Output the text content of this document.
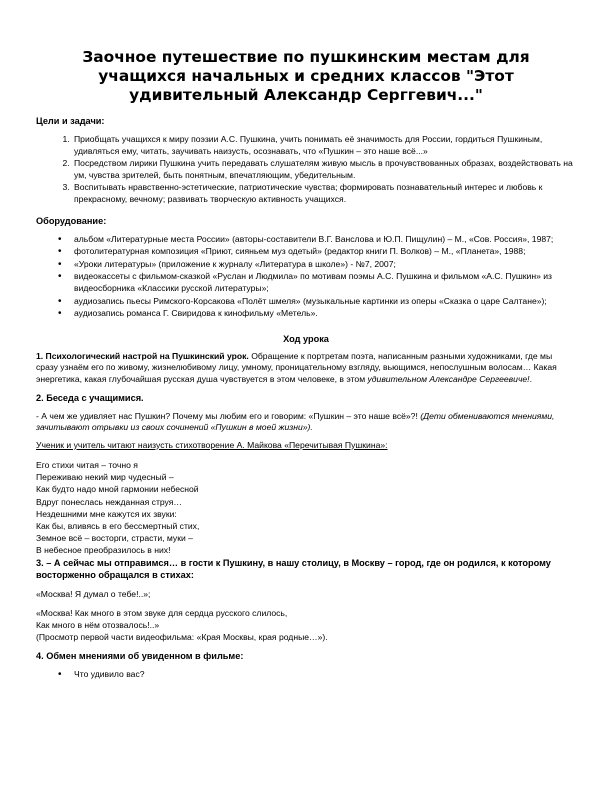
Заочное путешествие по пушкинским местам для учащихся начальных и средних классов "Этот удивительный Александр Серггевич..."
Цели и задачи:
1. Приобщать учащихся к миру поэзии А.С. Пушкина, учить понимать её значимость для России, гордиться Пушкиным, удивляться ему, читать, заучивать наизусть, осознавать, что «Пушкин – это наше всё...»
2. Посредством лирики Пушкина учить передавать слушателям живую мысль в прочувствованных образах, воздействовать на ум, чувства зрителей, быть понятным, впечатляющим, убедительным.
3. Воспитывать нравственно-эстетические, патриотические чувства; формировать познавательный интерес и любовь к прекрасному, вечному; развивать творческую активность учащихся.
Оборудование:
• альбом «Литературные места России» (авторы-составители В.Г. Вансловa и Ю.П. Пищулин) – М., «Сов. Россия», 1987;
• фотолитературная композиция «Приют, сияньем муз одетый» (редактор книги П. Волков) – М., «Планета», 1988;
• «Уроки литературы» (приложение к журналу «Литература в школе») - №7, 2007;
• видеокассеты с фильмом-сказкой «Руслан и Людмила» по мотивам поэмы А.С. Пушкина и фильмом «А.С. Пушкин» из видеосборника «Классики русской литературы»;
• аудиозапись пьесы Римского-Корсакова «Полёт шмеля» (музыкальные картинки из оперы «Сказка о царе Салтане»);
• аудиозапись романса Г. Свиридова к кинофильму «Метель».
Ход урока

1. Психологический настрой на Пушкинский урок. Обращение к портретам поэта, написанным разными художниками, где мы сразу узнаём его по живому, жизнелюбивому лицу, умному, проницательному взгляду, вьющимся, непослушным волосам… Какая энергетика, какая глубочайшая русская душа чувствуется в этом человеке, в этом удивительном Александре Сергеевиче!.

2. Беседа с учащимися.

- А чем же удивляет нас Пушкин? Почему мы любим его и говорим: «Пушкин – это наше всё»?! (Дети обмениваются мнениями, зачитывают отрывки из своих сочинений «Пушкин в моей жизни»).

Ученик и учитель читают наизусть стихотворение А. Майкова «Перечитывая Пушкина»:

Его стихи читая – точно я
Переживаю некий мир чудесный –
Как будто надо мной гармонии небесной
Вдруг понеслась нежданная струя…
Нездешними мне кажутся их звуки:
Как бы, вливясь в его бессмертный стих,
Земное всё – восторги, страсти, муки –
В небесное преобразилось в них!
3. – А сейчас мы отправимся… в гости к Пушкину, в нашу столицу, в Москву – город, где он родился, к которому восторженно обращался в стихах:

«Москва! Я думал о тебе!..»;

«Москва! Как много в этом звуке для сердца русского слилось,
Как много в нём отозвалось!..»
(Просмотр первой части видеофильма: «Края Москвы, края родные…»).
4. Обмен мнениями об увиденном в фильме:
• Что удивило вас?
